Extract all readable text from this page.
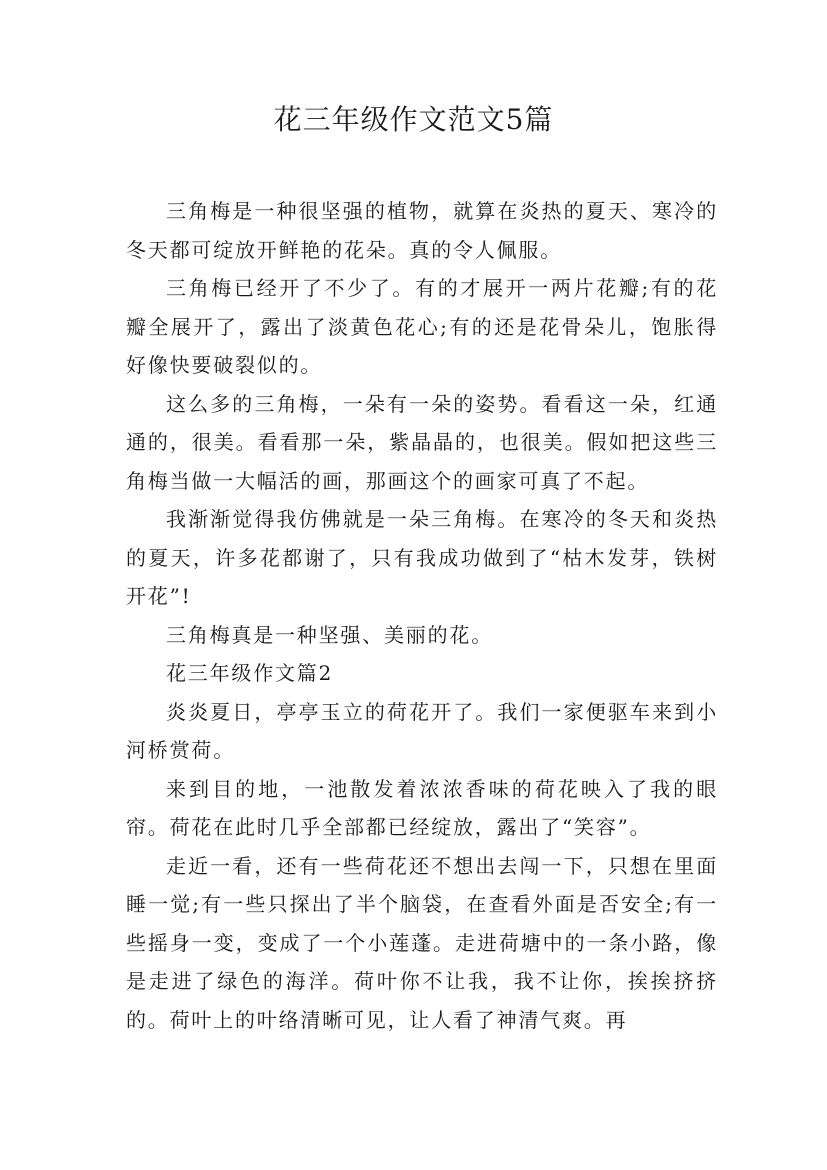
花三年级作文范文5篇

三角梅是一种很坚强的植物，就算在炎热的夏天、寒冷的冬天都可绽放开鲜艳的花朵。真的令人佩服。

三角梅已经开了不少了。有的才展开一两片花瓣;有的花瓣全展开了，露出了淡黄色花心;有的还是花骨朵儿，饱胀得好像快要破裂似的。

这么多的三角梅，一朵有一朵的姿势。看看这一朵，红通通的，很美。看看那一朵，紫晶晶的，也很美。假如把这些三角梅当做一大幅活的画，那画这个的画家可真了不起。

我渐渐觉得我仿佛就是一朵三角梅。在寒冷的冬天和炎热的夏天，许多花都谢了，只有我成功做到了“枯木发芽，铁树开花”!

三角梅真是一种坚强、美丽的花。

花三年级作文篇2

炎炎夏日，亭亭玉立的荷花开了。我们一家便驱车来到小河桥赏荷。

来到目的地，一池散发着浓浓香味的荷花映入了我的眼帘。荷花在此时几乎全部都已经绽放，露出了“笑容”。

走近一看，还有一些荷花还不想出去闯一下，只想在里面睡一觉;有一些只探出了半个脑袋，在查看外面是否安全;有一些摇身一变，变成了一个小莲蓬。走进荷塘中的一条小路，像是走进了绿色的海洋。荷叶你不让我，我不让你，挨挨挤挤的。荷叶上的叶络清晰可见，让人看了神清气爽。再
